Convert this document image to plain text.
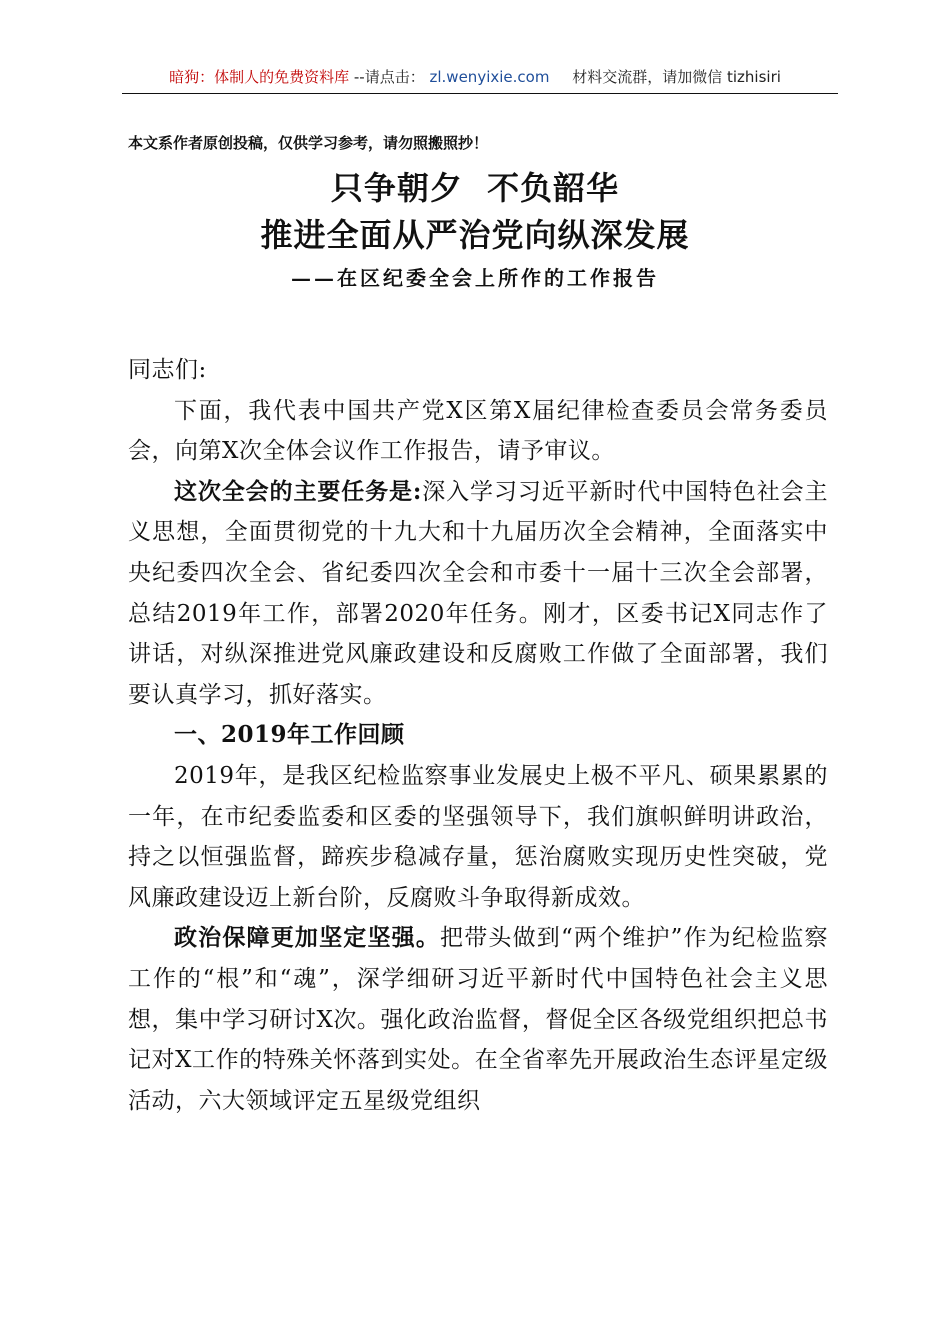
暗狗：体制人的免费资料库 --请点击： zl.wenyixie.com 材料交流群，请加微信 tizhisiri
本文系作者原创投稿，仅供学习参考，请勿照搬照抄！
只争朝夕  不负韶华
推进全面从严治党向纵深发展
——在区纪委全会上所作的工作报告

同志们:

下面，我代表中国共产党X区第X届纪律检查委员会常务委员会，向第X次全体会议作工作报告，请予审议。

这次全会的主要任务是:深入学习习近平新时代中国特色社会主义思想，全面贯彻党的十九大和十九届历次全会精神，全面落实中央纪委四次全会、省纪委四次全会和市委十一届十三次全会部署，总结2019年工作，部署2020年任务。刚才，区委书记X同志作了讲话，对纵深推进党风廉政建设和反腐败工作做了全面部署，我们要认真学习，抓好落实。

一、2019年工作回顾

2019年，是我区纪检监察事业发展史上极不平凡、硕果累累的一年，在市纪委监委和区委的坚强领导下，我们旗帜鲜明讲政治，持之以恒强监督，蹄疾步稳减存量，惩治腐败实现历史性突破，党风廉政建设迈上新台阶，反腐败斗争取得新成效。

政治保障更加坚定坚强。把带头做到“两个维护”作为纪检监察工作的“根”和“魂”，深学细研习近平新时代中国特色社会主义思想，集中学习研讨X次。强化政治监督，督促全区各级党组织把总书记对X工作的特殊关怀落到实处。在全省率先开展政治生态评星定级活动，六大领域评定五星级党组织
